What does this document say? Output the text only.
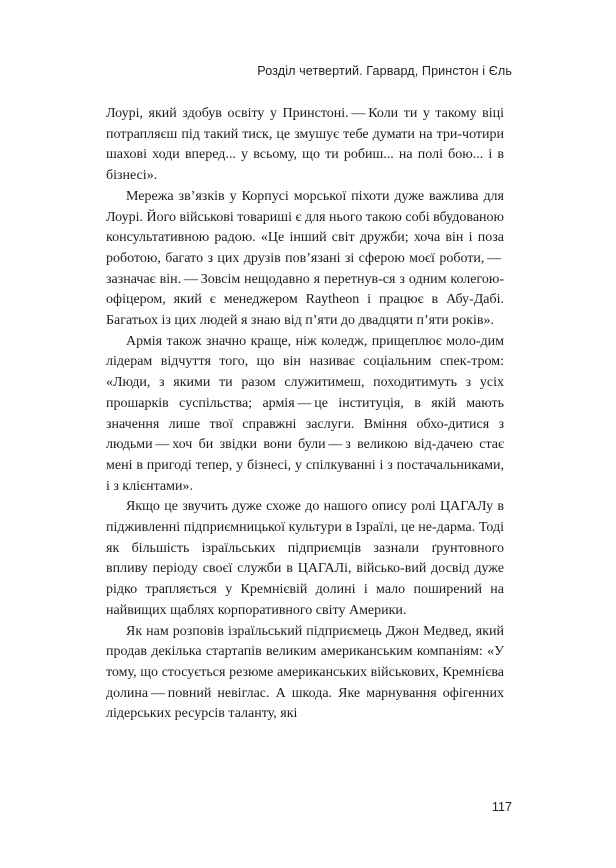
Розділ четвертий. Гарвард, Принстон і Єль

Лоурі, який здобув освіту у Принстоні. — Коли ти у такому віці потрапляєш під такий тиск, це змушує тебе думати на три-чотири шахові ходи вперед... у всьому, що ти робиш... на полі бою... і в бізнесі».

Мережа зв’язків у Корпусі морської піхоти дуже важлива для Лоурі. Його військові товариші є для нього такою собі вбудованою консультативною радою. «Це інший світ дружби; хоча він і поза роботою, багато з цих друзів пов’язані зі сферою моєї роботи, — зазначає він. — Зовсім нещодавно я перетнув-ся з одним колегою-офіцером, який є менеджером Raytheon і працює в Абу-Дабі. Багатьох із цих людей я знаю від п’яти до двадцяти п’яти років».

Армія також значно краще, ніж коледж, прищеплює моло-дим лідерам відчуття того, що він називає соціальним спек-тром: «Люди, з якими ти разом служитимеш, походитимуть з усіх прошарків суспільства; армія — це інституція, в якій мають значення лише твої справжні заслуги. Вміння обхо-дитися з людьми — хоч би звідки вони були — з великою від-дачею стає мені в пригоді тепер, у бізнесі, у спілкуванні і з постачальниками, і з клієнтами».

Якщо це звучить дуже схоже до нашого опису ролі ЦАГАЛу в підживленні підприємницької культури в Ізраїлі, це не-дарма. Тоді як більшість ізраїльських підприємців зазнали ґрунтовного впливу періоду своєї служби в ЦАГАЛі, військо-вий досвід дуже рідко трапляється у Кремнієвій долині і мало поширений на найвищих щаблях корпоративного світу Америки.

Як нам розповів ізраїльський підприємець Джон Медвед, який продав декілька стартапів великим американським компаніям: «У тому, що стосується резюме американських військових, Кремнієва долина — повний невіглас. А шкода. Яке марнування офігенних лідерських ресурсів таланту, які

117
